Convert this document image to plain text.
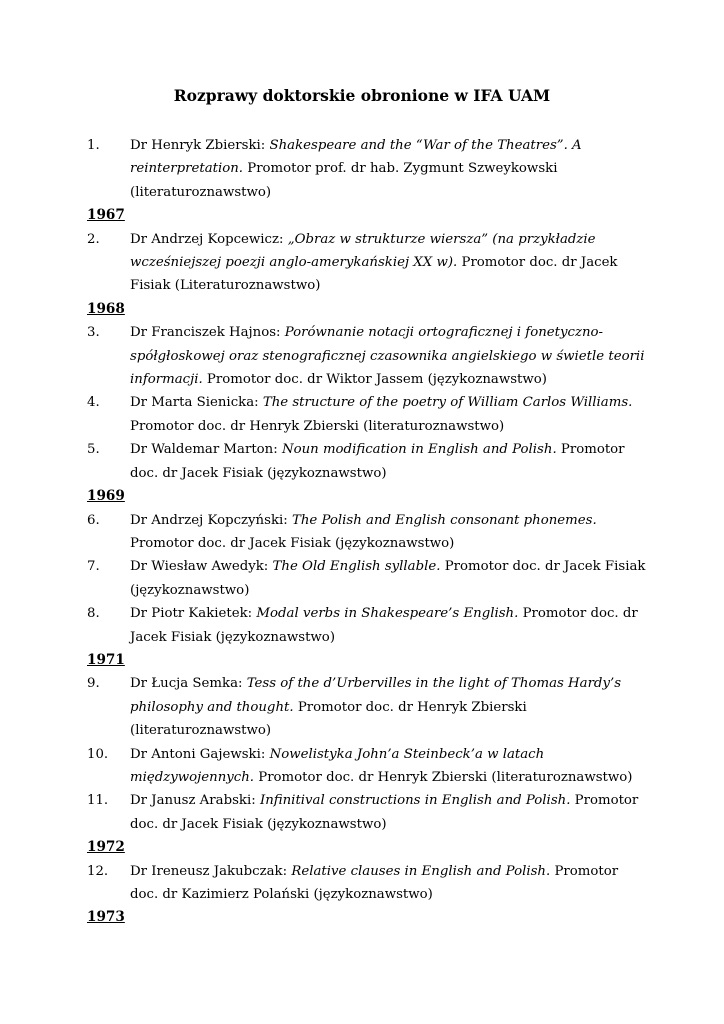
Rozprawy doktorskie obronione w IFA UAM
1. Dr Henryk Zbierski: Shakespeare and the “War of the Theatres”. A reinterpretation. Promotor prof. dr hab. Zygmunt Szweykowski (literaturoznawstwo)
1967
2. Dr Andrzej Kopcewicz: „Obraz w strukturze wiersza” (na przykładzie wcześniejszej poezji anglo-amerykańskiej XX w). Promotor doc. dr Jacek Fisiak (Literaturoznawstwo)
1968
3. Dr Franciszek Hajnos: Porównanie notacji ortograficznej i fonetyczno-spółgłoskowej oraz stenograficznej czasownika angielskiego w świetle teorii informacji. Promotor doc. dr Wiktor Jassem (językoznawstwo)
4. Dr Marta Sienicka: The structure of the poetry of William Carlos Williams. Promotor doc. dr Henryk Zbierski (literaturoznawstwo)
5. Dr Waldemar Marton: Noun modification in English and Polish. Promotor doc. dr Jacek Fisiak (językoznawstwo)
1969
6. Dr Andrzej Kopczyński: The Polish and English consonant phonemes. Promotor doc. dr Jacek Fisiak (językoznawstwo)
7. Dr Wiesław Awedyk: The Old English syllable. Promotor doc. dr Jacek Fisiak (językoznawstwo)
8. Dr Piotr Kakietek: Modal verbs in Shakespeare’s English. Promotor doc. dr Jacek Fisiak (językoznawstwo)
1971
9. Dr Łucja Semka: Tess of the d’Urbervilles in the light of Thomas Hardy’s philosophy and thought. Promotor doc. dr Henryk Zbierski (literaturoznawstwo)
10. Dr Antoni Gajewski: Nowelistyka John’a Steinbeck’a w latach międzywojennych. Promotor doc. dr Henryk Zbierski (literaturoznawstwo)
11. Dr Janusz Arabski: Infinitival constructions in English and Polish. Promotor doc. dr Jacek Fisiak (językoznawstwo)
1972
12. Dr Ireneusz Jakubczak: Relative clauses in English and Polish. Promotor doc. dr Kazimierz Polański (językoznawstwo)
1973
